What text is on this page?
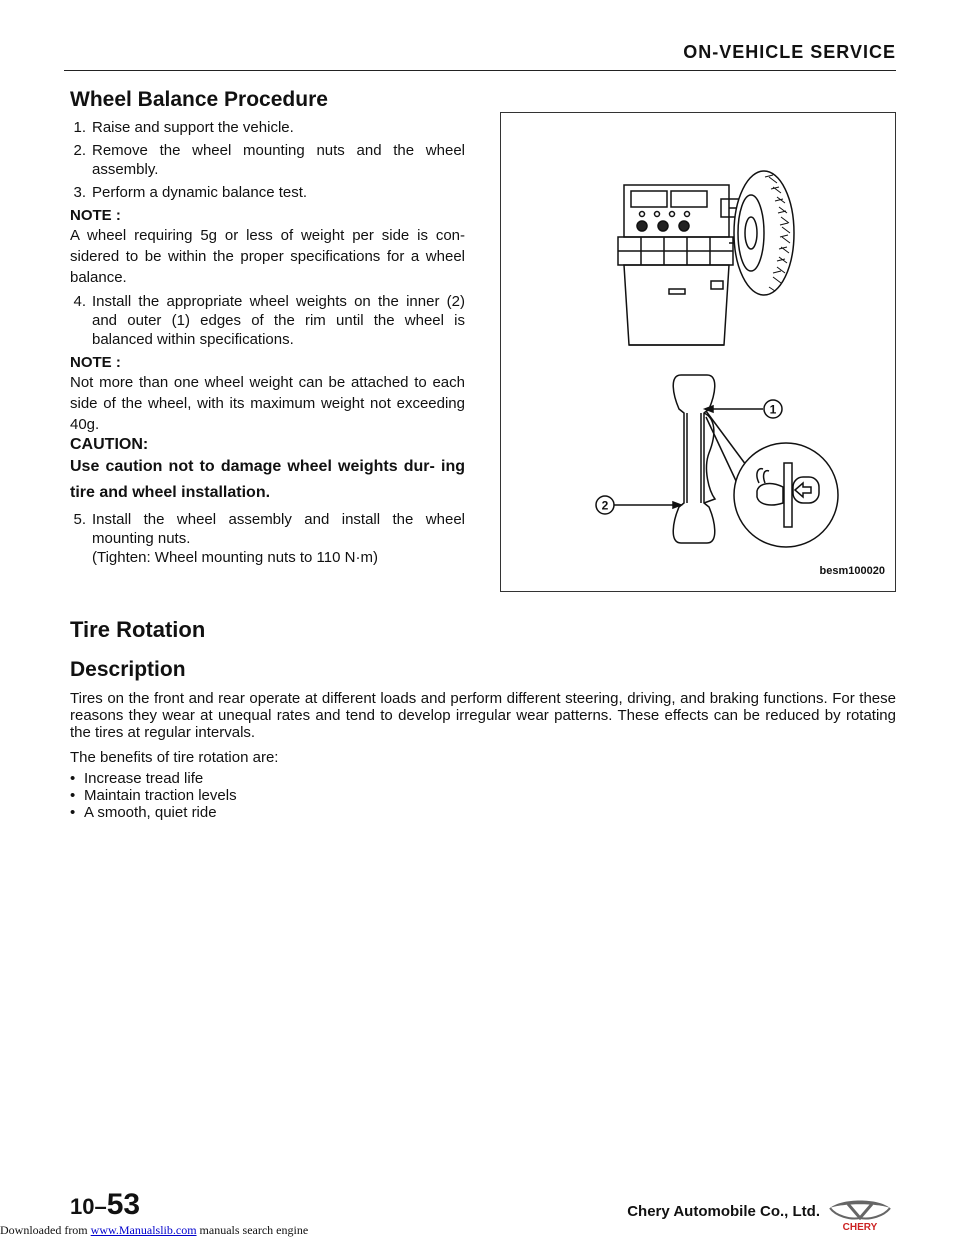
ON-VEHICLE SERVICE
Wheel Balance Procedure
1. Raise and support the vehicle.
2. Remove the wheel mounting nuts and the wheel assembly.
3. Perform a dynamic balance test.

NOTE :

A wheel requiring 5g or less of weight per side is con- sidered to be within the proper specifications for a wheel balance.

4. Install the appropriate wheel weights on the inner (2) and outer (1) edges of the rim until the wheel is balanced within specifications.

NOTE :

Not more than one wheel weight can be attached to each side of the wheel, with its maximum weight not exceeding 40g.

CAUTION:

Use caution not to damage wheel weights dur- ing tire and wheel installation.

5. Install the wheel assembly and install the wheel mounting nuts.
(Tighten: Wheel mounting nuts to 110 N·m)
1
2
besm100020
Tire Rotation
Description

Tires on the front and rear operate at different loads and perform different steering, driving, and braking functions. For these reasons they wear at unequal rates and tend to develop irregular wear patterns. These effects can be reduced by rotating the tires at regular intervals.

The benefits of tire rotation are:

• Increase tread life
• Maintain traction levels
• A smooth, quiet ride
10–53	Chery Automobile Co., Ltd.
CHERY
Downloaded from www.Manualslib.com manuals search engine
